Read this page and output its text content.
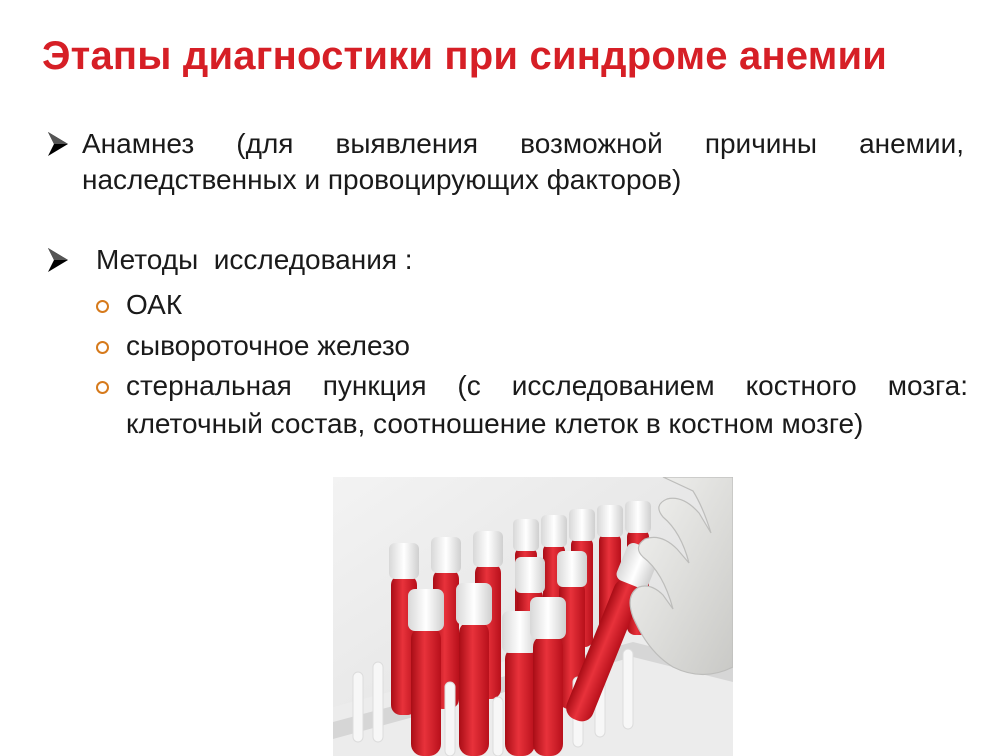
Этапы диагностики при синдроме анемии
Анамнез (для выявления возможной причины анемии, наследственных и провоцирующих факторов)
Методы  исследования :
ОАК
сывороточное железо
стернальная пункция (с исследованием костного мозга: клеточный состав, соотношение клеток в костном мозге)
